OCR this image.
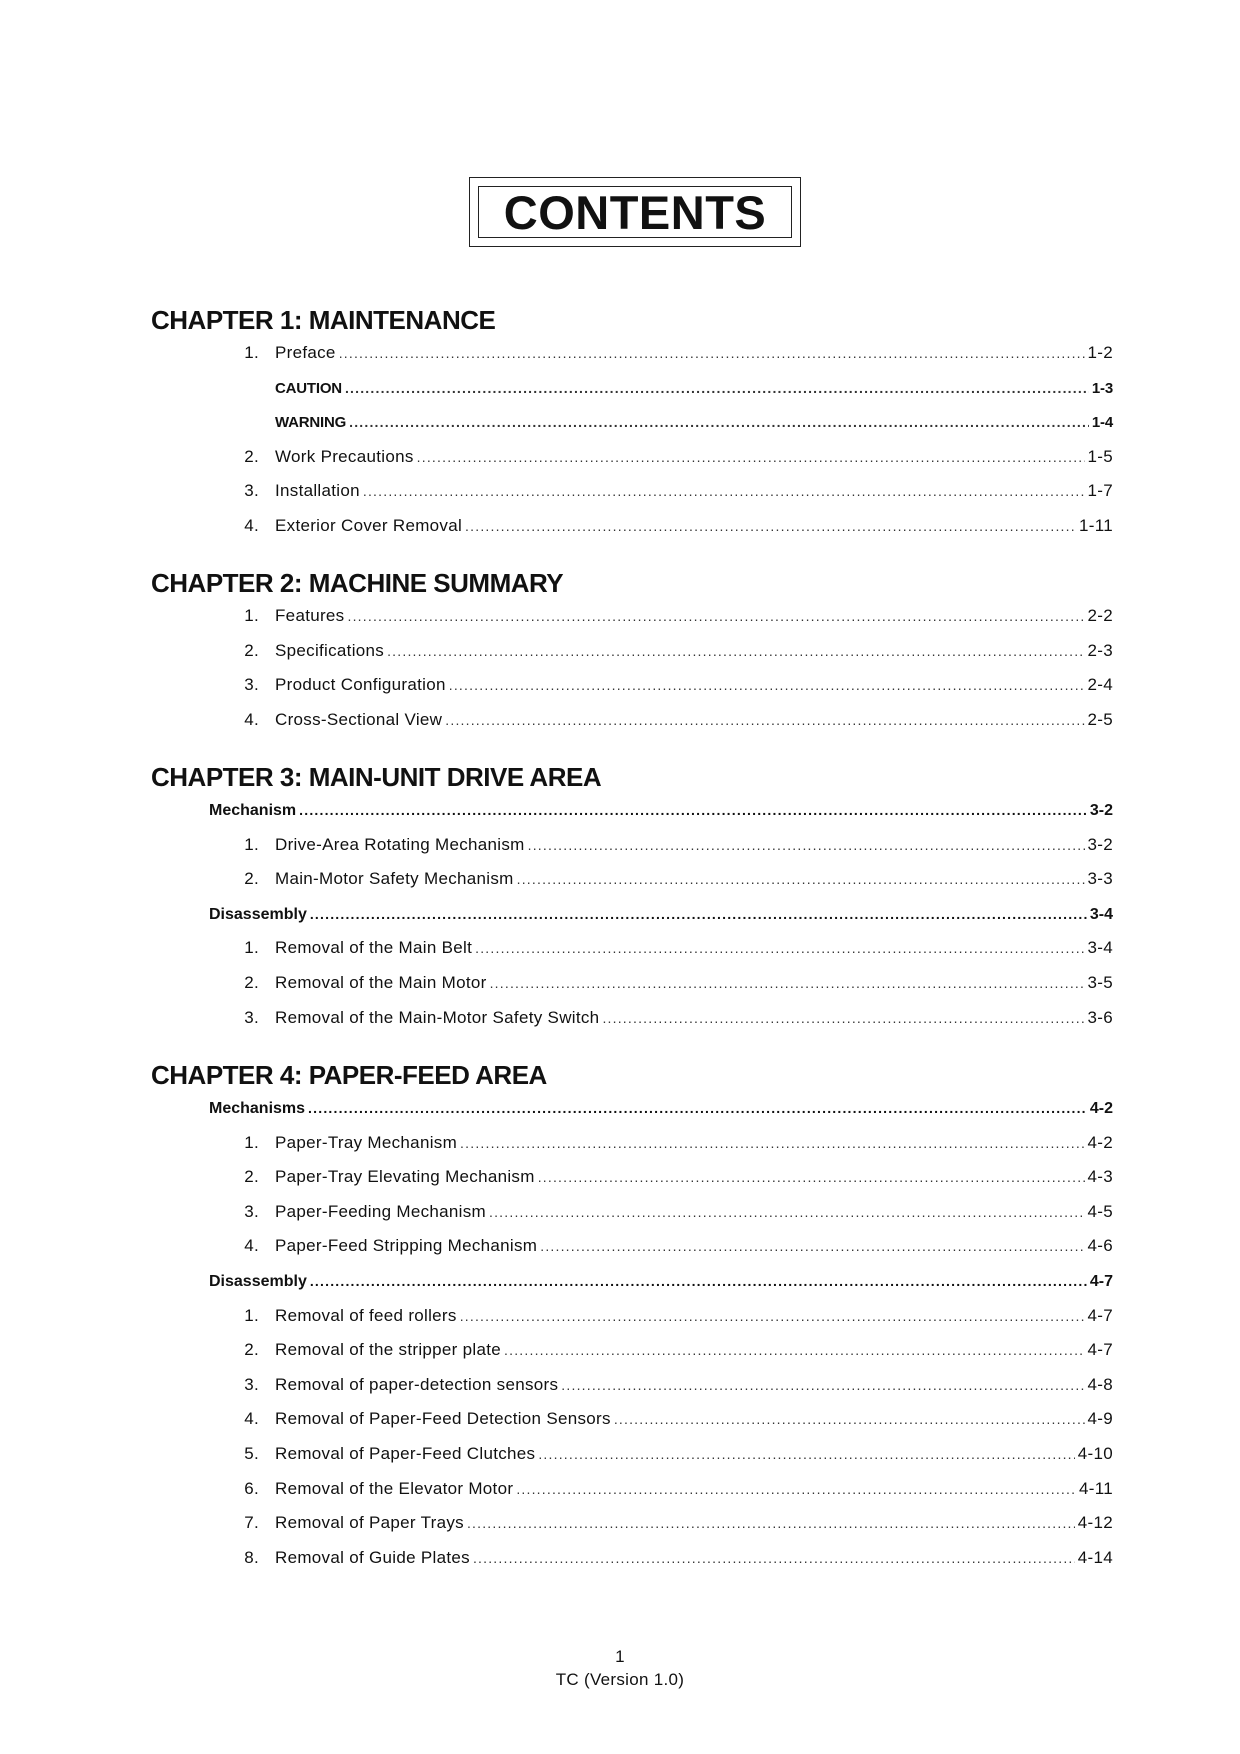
CONTENTS
CHAPTER 1: MAINTENANCE
1. Preface .....	1-2
CAUTION .....	1-3
WARNING .....	1-4
2. Work Precautions .....	1-5
3. Installation .....	1-7
4. Exterior Cover Removal .....	1-11
CHAPTER 2: MACHINE SUMMARY
1. Features .....	2-2
2. Specifications .....	2-3
3. Product Configuration .....	2-4
4. Cross-Sectional View .....	2-5
CHAPTER 3: MAIN-UNIT DRIVE AREA
Mechanism .....	3-2
1. Drive-Area Rotating Mechanism .....	3-2
2. Main-Motor Safety Mechanism .....	3-3
Disassembly .....	3-4
1. Removal of the Main Belt .....	3-4
2. Removal of the Main Motor .....	3-5
3. Removal of the Main-Motor Safety Switch .....	3-6
CHAPTER 4: PAPER-FEED AREA
Mechanisms .....	4-2
1. Paper-Tray Mechanism .....	4-2
2. Paper-Tray Elevating Mechanism .....	4-3
3. Paper-Feeding Mechanism .....	4-5
4. Paper-Feed Stripping Mechanism .....	4-6
Disassembly .....	4-7
1. Removal of feed rollers .....	4-7
2. Removal of the stripper plate .....	4-7
3. Removal of paper-detection sensors .....	4-8
4. Removal of Paper-Feed Detection Sensors .....	4-9
5. Removal of Paper-Feed Clutches .....	4-10
6. Removal of the Elevator Motor .....	4-11
7. Removal of Paper Trays .....	4-12
8. Removal of Guide Plates .....	4-14
1
TC (Version 1.0)
